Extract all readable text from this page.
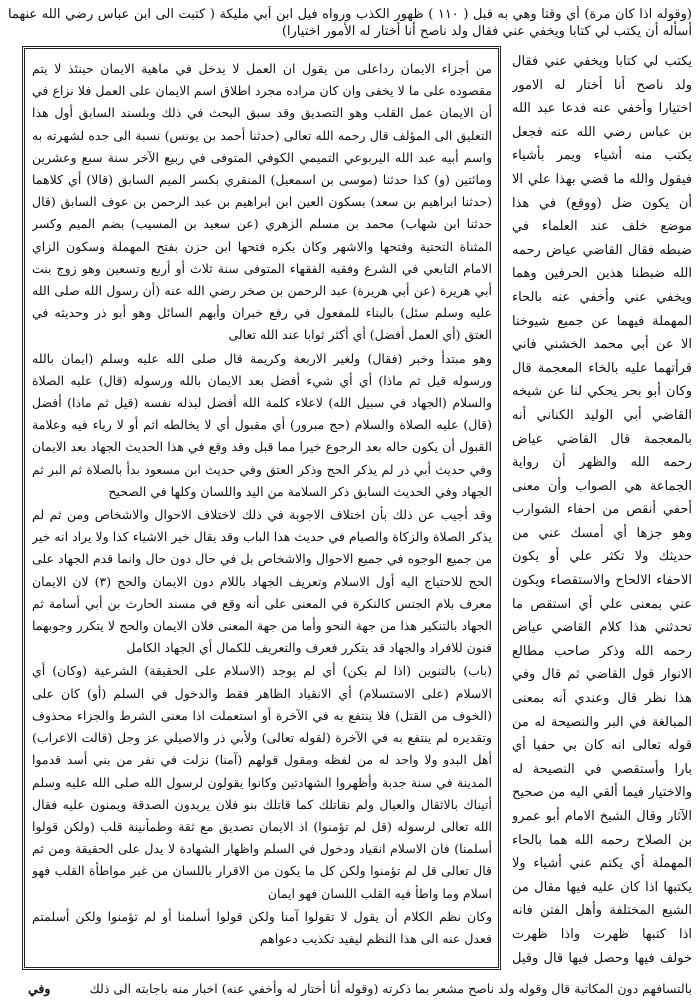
(وقوله اذا كان مرة) أي وقتا وهي به قبل ( ١١٠ ) ظهور الكذب ورواه فيل ابن أبي مليكة ( كتبت الى ابن عباس رضي الله عنهما أسأله أن يكتب لي كتابا ويخفي عني فقال ولد ناصح أنا أختار له الأمور اختيارا)

من أجزاء الايمان رداعلى من يقول ان العمل لا يدخل في ماهية الايمان حينئذ لا يتم مقصوده على ما لا يخفى وان كان مراده مجرد اطلاق اسم الايمان على العمل فلا نزاع في أن الايمان عمل القلب وهو التصديق وقد سبق البحث في ذلك وبلسند السابق أول هذا التعليق الى المؤلف قال رحمه الله تعالى (حدثنا أحمد بن يونس) نسبة الى جده لشهرته به واسم أبيه عبد الله اليربوعي التميمي الكوفي المتوفى في ربيع الآخر سنة سبع وعشرين ومائتين (و) كذا حدثنا (موسى بن اسمعيل) المنقري بكسر الميم السابق (قالا) أي كلاهما (حدثنا ابراهيم بن سعد) بسكون العين ابن ابراهيم بن عبد الرحمن بن عوف السابق (قال حدثنا ابن شهاب) محمد بن مسلم الزهري (عن سعيد بن المسيب) بضم الميم وكسر المثناة التحتية وفتحها والاشهر وكان يكره فتحها ابن حزن بفتح المهملة وسكون الزاي الامام التابعي في الشرع وفقيه الفقهاء المتوفى سنة ثلاث أو أربع وتسعين وهو زوج بنت أبي هريرة (عن أبي هريرة) عبد الرحمن بن صخر رضي الله عنه (أن رسول الله صلى الله عليه وسلم سئل) بالبناء للمفعول في رفع خبران وأبهم السائل وهو أبو ذر وحديثه في العتق (أي العمل أفضل) أي أكثر ثوابا عند الله تعالى

وهو مبتدأ وخبر (فقال) ولغير الاربعة وكريمة قال صلى الله عليه وسلم (ايمان بالله ورسوله قيل ثم ماذا) أي أي شيء أفضل بعد الايمان بالله ورسوله (قال) عليه الصلاة والسلام (الجهاد في سبيل الله) لاعلاء كلمة الله أفضل لبذله نفسه (قيل ثم ماذا) أفضل (قال) عليه الصلاة والسلام (حج مبرور) أي مقبول أي لا يخالطه اثم أو لا رياء فيه وعلامة القبول أن يكون حاله بعد الرجوع خيرا مما قبل وقد وقع في هذا الحديث الجهاد بعد الايمان وفي حديث أبي ذر لم يذكر الحج وذكر العتق وفي حديث ابن مسعود بدأ بالصلاة ثم البر ثم الجهاد وفي الحديث السابق ذكر السلامة من اليد واللسان وكلها في الصحيح

وقد أجيب عن ذلك بأن اختلاف الاجوبة في ذلك لاختلاف الاحوال والاشخاص ومن ثم لم يذكر الصلاة والزكاة والصيام في حديث هذا الباب وقد يقال خير الاشياء كذا ولا يراد انه خير من جميع الوجوه في جميع الاحوال والاشخاص بل في حال دون حال وانما قدم الجهاد على الحج للاحتياج اليه أول الاسلام وتعريف الجهاد باللام دون الايمان والحج (٣) لان الايمان معرف بلام الجنس كالنكرة في المعنى على أنه وقع في مسند الحارث بن أبي أسامة ثم الجهاد بالتنكير هذا من جهة النحو وأما من جهة المعنى فلان الايمان والحج لا يتكرر وجوبهما فنون للافراد والجهاد قد يتكرر فعرف والتعريف للكمال أي الجهاد الكامل

(باب) بالتنوين (اذا لم يكن) أي لم يوجد (الاسلام على الحقيقة) الشرعية (وكان) أي الاسلام (على الاستسلام) أي الانقياد الظاهر فقط والدخول في السلم (أو) كان على (الخوف من القتل) فلا ينتفع به في الآخرة أو استعملت اذا معنى الشرط والجزاء محذوف وتقديره لم ينتفع به في الآخرة (لقوله تعالى) ولأبي ذر والاصيلي عز وجل (قالت الاعراب) أهل البدو ولا واحد له من لفظه ومقول قولهم (آمنا) نزلت في نفر من بني أسد قدموا المدينة في سنة جدبة وأظهروا الشهادتين وكانوا يقولون لرسول الله صلى الله عليه وسلم أتيناك بالاثقال والعيال ولم نقاتلك كما قاتلك بنو فلان يريدون الصدقة ويمنون عليه فقال الله تعالى لرسوله (قل لم تؤمنوا) اذ الايمان تصديق مع ثقة وطمأنينة قلب (ولكن قولوا أسلمنا) فان الاسلام انقياد ودخول في السلم واظهار الشهادة لا يدل على الحقيقة ومن ثم قال تعالى قل لم تؤمنوا ولكن كل ما يكون من الاقرار باللسان من غير مواطأة القلب فهو اسلام وما واطأ فيه القلب اللسان فهو ايمان

وكان نظم الكلام أن يقول لا تقولوا آمنا ولكن قولوا أسلمنا أو لم تؤمنوا ولكن أسلمتم فعدل عنه الى هذا النظم ليفيد تكذيب دعواهم

يكتب لي كتابا ويخفي عني فقال ولد ناصح أنا أختار له الامور اختيارا وأخفي عنه فدعا عبد الله بن عباس رضي الله عنه فجعل يكتب منه أشياء ويمر بأشياء فيقول والله ما قضي بهذا علي الا أن يكون ضل (ووقع) في هذا موضع خلف عند العلماء في ضبطه فقال القاضي عياض رحمه الله ضبطنا هذين الحرفين وهما ويخفي عني وأخفي عنه بالحاء المهملة فيهما عن جميع شيوخنا الا عن أبي محمد الخشني فاني قرأتهما عليه بالخاء المعجمة قال وكان أبو بحر يحكي لنا عن شيخه القاضي أبي الوليد الكناني أنه بالمعجمة قال القاضي عياض رحمه الله والظهر أن رواية الجماعة هي الصواب وأن معنى أحفي أنقص من احفاء الشوارب وهو جزها أي أمسك عني من حديثك ولا تكثر علي أو يكون الاحفاء الالحاح والاستقصاء ويكون عني بمعنى علي أي استقص ما تحدثني هذا كلام القاضي عياض رحمه الله وذكر صاحب مطالع الانوار قول القاضي ثم قال وفي هذا نظر قال وعندي أنه بمعنى المبالغة في البر والنصيحة له من قوله تعالى انه كان بي حفيا أي بارا وأستقصي في النصيحة له والاختيار فيما ألقي اليه من صحيح الآثار وقال الشيخ الامام أبو عمرو بن الصلاح رحمه الله هما بالحاء المهملة أي يكتم عني أشياء ولا يكتبها اذا كان عليه فيها مقال من الشيع المختلفة وأهل الفتن فانه اذا كتبها ظهرت واذا ظهرت خولف فيها وحصل فيها قال وقيل

بالتسافهم دون المكاتبة قال وقوله ولد ناصح مشعر بما ذكرته (وقوله أنا أختار له وأخفي عنه) اخبار منه باجابته الى ذلك
وفي
